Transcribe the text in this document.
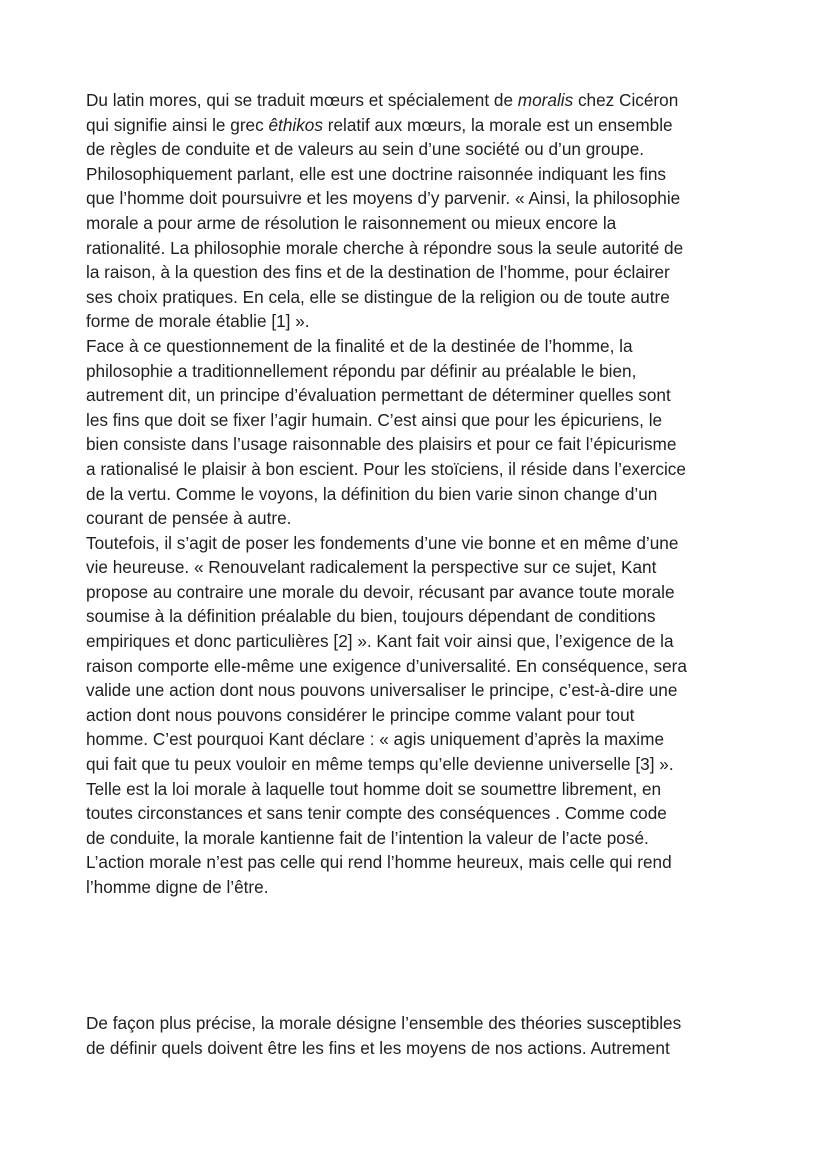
Du latin mores, qui se traduit mœurs et spécialement de moralis chez Cicéron
qui signifie ainsi le grec êthikos relatif aux mœurs, la morale est un ensemble
de règles de conduite et de valeurs au sein d’une société ou d’un groupe.
Philosophiquement parlant, elle est une doctrine raisonnée indiquant les fins
que l’homme doit poursuivre et les moyens d’y parvenir. « Ainsi, la philosophie
morale a pour arme de résolution le raisonnement ou mieux encore la
rationalité. La philosophie morale cherche à répondre sous la seule autorité de
la raison, à la question des fins et de la destination de l’homme, pour éclairer
ses choix pratiques. En cela, elle se distingue de la religion ou de toute autre
forme de morale établie [1] ».
Face à ce questionnement de la finalité et de la destinée de l’homme, la
philosophie a traditionnellement répondu par définir au préalable le bien,
autrement dit, un principe d’évaluation permettant de déterminer quelles sont
les fins que doit se fixer l’agir humain. C’est ainsi que pour les épicuriens, le
bien consiste dans l’usage raisonnable des plaisirs et pour ce fait l’épicurisme
a rationalisé le plaisir à bon escient. Pour les stoïciens, il réside dans l’exercice
de la vertu. Comme le voyons, la définition du bien varie sinon change d’un
courant de pensée à autre.
Toutefois, il s’agit de poser les fondements d’une vie bonne et en même d’une
vie heureuse. « Renouvelant radicalement la perspective sur ce sujet, Kant
propose au contraire une morale du devoir, récusant par avance toute morale
soumise à la définition préalable du bien, toujours dépendant de conditions
empiriques et donc particulières [2] ». Kant fait voir ainsi que, l’exigence de la
raison comporte elle-même une exigence d’universalité. En conséquence, sera
valide une action dont nous pouvons universaliser le principe, c’est-à-dire une
action dont nous pouvons considérer le principe comme valant pour tout
homme. C’est pourquoi Kant déclare : « agis uniquement d’après la maxime
qui fait que tu peux vouloir en même temps qu’elle devienne universelle [3] ».
Telle est la loi morale à laquelle tout homme doit se soumettre librement, en
toutes circonstances et sans tenir compte des conséquences . Comme code
de conduite, la morale kantienne fait de l’intention la valeur de l’acte posé.
L’action morale n’est pas celle qui rend l’homme heureux, mais celle qui rend
l’homme digne de l’être.
De façon plus précise, la morale désigne l’ensemble des théories susceptibles
de définir quels doivent être les fins et les moyens de nos actions. Autrement
